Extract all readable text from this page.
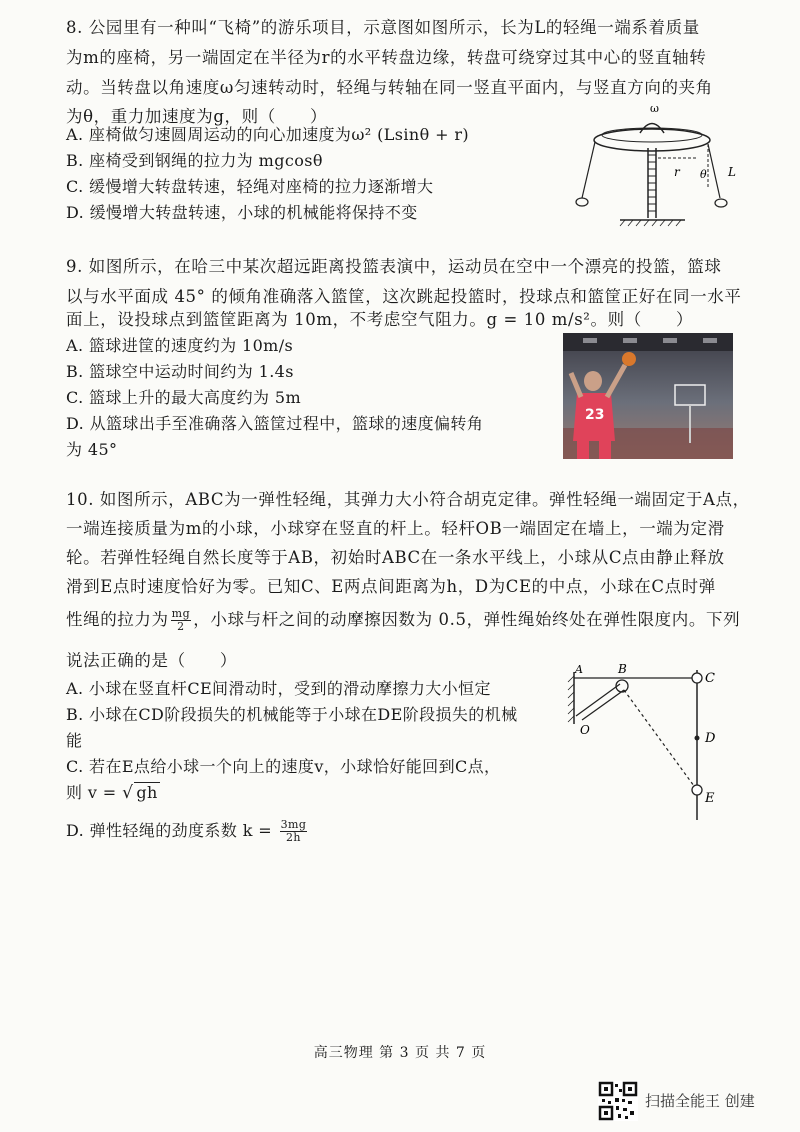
8. 公园里有一种叫“飞椅”的游乐项目，示意图如图所示，长为L的轻绳一端系着质量
为m的座椅，另一端固定在半径为r的水平转盘边缘，转盘可绕穿过其中心的竖直轴转
动。当转盘以角速度ω匀速转动时，轻绳与转轴在同一竖直平面内，与竖直方向的夹角
为θ，重力加速度为g，则（　　）
A. 座椅做匀速圆周运动的向心加速度为ω² (Lsinθ + r)
B. 座椅受到钢绳的拉力为 mgcosθ
C. 缓慢增大转盘转速，轻绳对座椅的拉力逐渐增大
D. 缓慢增大转盘转速，小球的机械能将保持不变
ω
r θ L
9. 如图所示，在哈三中某次超远距离投篮表演中，运动员在空中一个漂亮的投篮，篮球
以与水平面成 45° 的倾角准确落入篮筐，这次跳起投篮时，投球点和篮筐正好在同一水平
面上，设投球点到篮筐距离为 10m，不考虑空气阻力。g = 10 m/s²。则（　　）
A. 篮球进筐的速度约为 10m/s
B. 篮球空中运动时间约为 1.4s
C. 篮球上升的最大高度约为 5m
D. 从篮球出手至准确落入篮筐过程中，篮球的速度偏转角
为 45°
23
10. 如图所示，ABC为一弹性轻绳，其弹力大小符合胡克定律。弹性轻绳一端固定于A点，
一端连接质量为m的小球，小球穿在竖直的杆上。轻杆OB一端固定在墙上，一端为定滑
轮。若弹性轻绳自然长度等于AB，初始时ABC在一条水平线上，小球从C点由静止释放
滑到E点时速度恰好为零。已知C、E两点间距离为h，D为CE的中点，小球在C点时弹
性绳的拉力为 $\frac{mg}{2}$ ，小球与杆之间的动摩擦因数为 0.5，弹性绳始终处在弹性限度内。下列
说法正确的是（　　）
A. 小球在竖直杆CE间滑动时，受到的滑动摩擦力大小恒定
B. 小球在CD阶段损失的机械能等于小球在DE阶段损失的机械
能
C. 若在E点给小球一个向上的速度v，小球恰好能回到C点，
则 v = √ gh
D. 弹性轻绳的劲度系数 $k = \frac{3mg}{2h}$
A	B
O
C
D
E
高三物理 第 3 页 共 7 页
扫描全能王 创建
